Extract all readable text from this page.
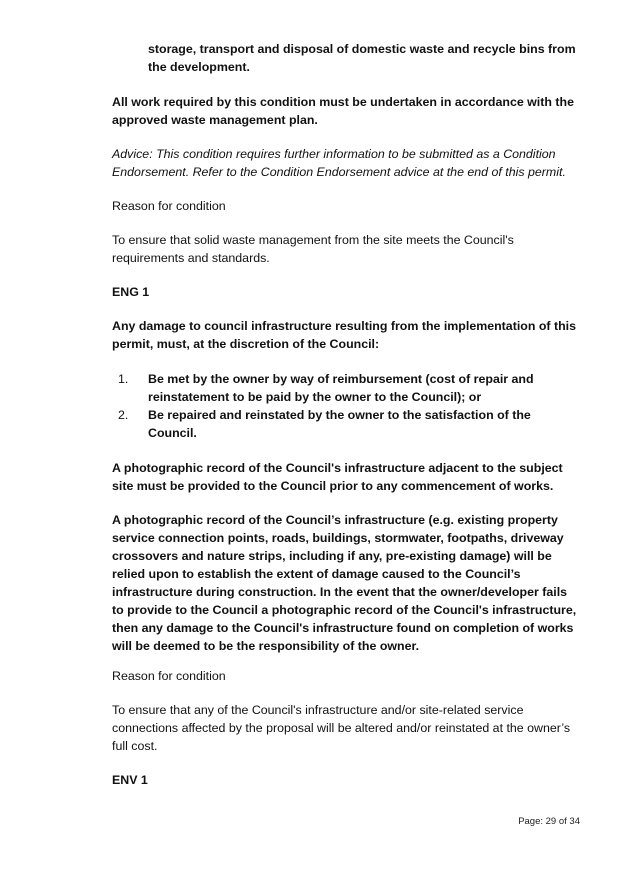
storage, transport and disposal of domestic waste and recycle bins from the development.

All work required by this condition must be undertaken in accordance with the approved waste management plan.

Advice: This condition requires further information to be submitted as a Condition Endorsement. Refer to the Condition Endorsement advice at the end of this permit.

Reason for condition

To ensure that solid waste management from the site meets the Council's requirements and standards.

ENG 1

Any damage to council infrastructure resulting from the implementation of this permit, must, at the discretion of the Council:

1. Be met by the owner by way of reimbursement (cost of repair and reinstatement to be paid by the owner to the Council); or
2. Be repaired and reinstated by the owner to the satisfaction of the Council.

A photographic record of the Council's infrastructure adjacent to the subject site must be provided to the Council prior to any commencement of works.

A photographic record of the Council’s infrastructure (e.g. existing property service connection points, roads, buildings, stormwater, footpaths, driveway crossovers and nature strips, including if any, pre-existing damage) will be relied upon to establish the extent of damage caused to the Council’s infrastructure during construction. In the event that the owner/developer fails to provide to the Council a photographic record of the Council's infrastructure, then any damage to the Council's infrastructure found on completion of works will be deemed to be the responsibility of the owner.

Reason for condition

To ensure that any of the Council's infrastructure and/or site-related service connections affected by the proposal will be altered and/or reinstated at the owner’s full cost.

ENV 1

Page: 29 of 34
